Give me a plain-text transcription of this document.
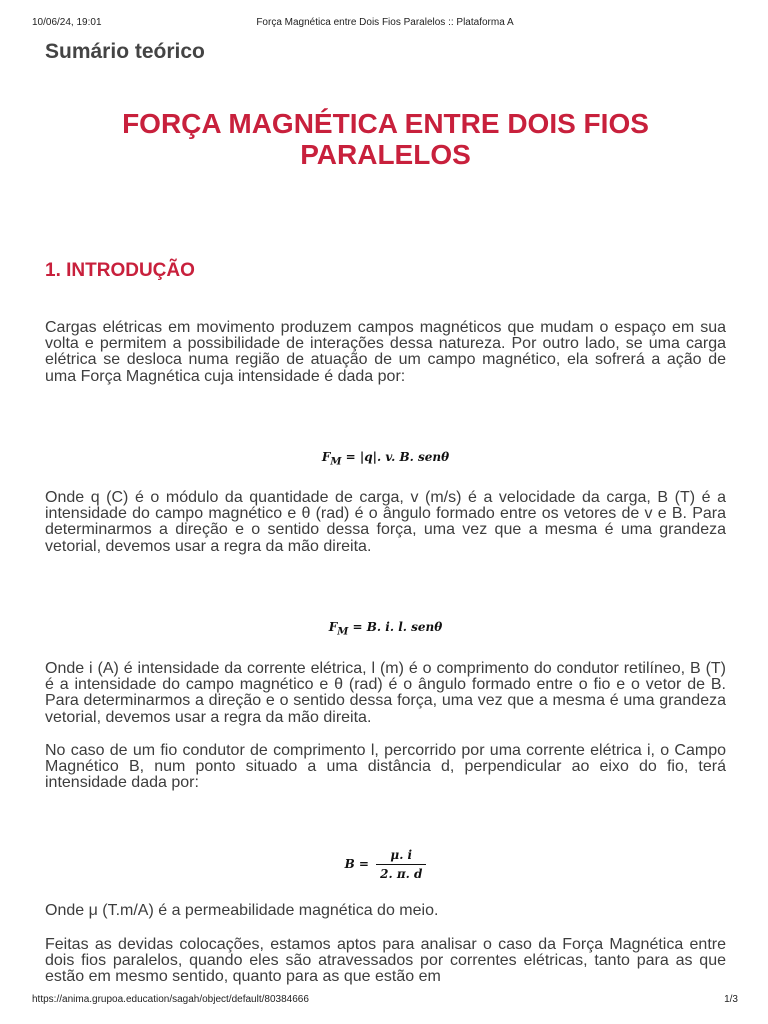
10/06/24, 19:01	Força Magnética entre Dois Fios Paralelos :: Plataforma A
Sumário teórico
FORÇA MAGNÉTICA ENTRE DOIS FIOS
PARALELOS
1. INTRODUÇÃO

Cargas elétricas em movimento produzem campos magnéticos que mudam o espaço em sua volta e permitem a possibilidade de interações dessa natureza. Por outro lado, se uma carga elétrica se desloca numa região de atuação de um campo magnético, ela sofrerá a ação de uma Força Magnética cuja intensidade é dada por:

$F_M = |q|$. v. B. senθ

Onde q (C) é o módulo da quantidade de carga, v (m/s) é a velocidade da carga, B (T) é a intensidade do campo magnético e θ (rad) é o ângulo formado entre os vetores de v e B. Para determinarmos a direção e o sentido dessa força, uma vez que a mesma é uma grandeza vetorial, devemos usar a regra da mão direita.

$F_M = B$. i. l. senθ

Onde i (A) é intensidade da corrente elétrica, l (m) é o comprimento do condutor retilíneo, B (T) é a intensidade do campo magnético e θ (rad) é o ângulo formado entre o fio e o vetor de B. Para determinarmos a direção e o sentido dessa força, uma vez que a mesma é uma grandeza vetorial, devemos usar a regra da mão direita.

No caso de um fio condutor de comprimento l, percorrido por uma corrente elétrica i, o Campo Magnético B, num ponto situado a uma distância d, perpendicular ao eixo do fio, terá intensidade dada por:

$B = \frac{\mu. i}{2. \pi. d}$

Onde μ (T.m/A) é a permeabilidade magnética do meio.

Feitas as devidas colocações, estamos aptos para analisar o caso da Força Magnética entre dois fios paralelos, quando eles são atravessados por correntes elétricas, tanto para as que estão em mesmo sentido, quanto para as que estão em

https://anima.grupoa.education/sagah/object/default/80384666	1/3
